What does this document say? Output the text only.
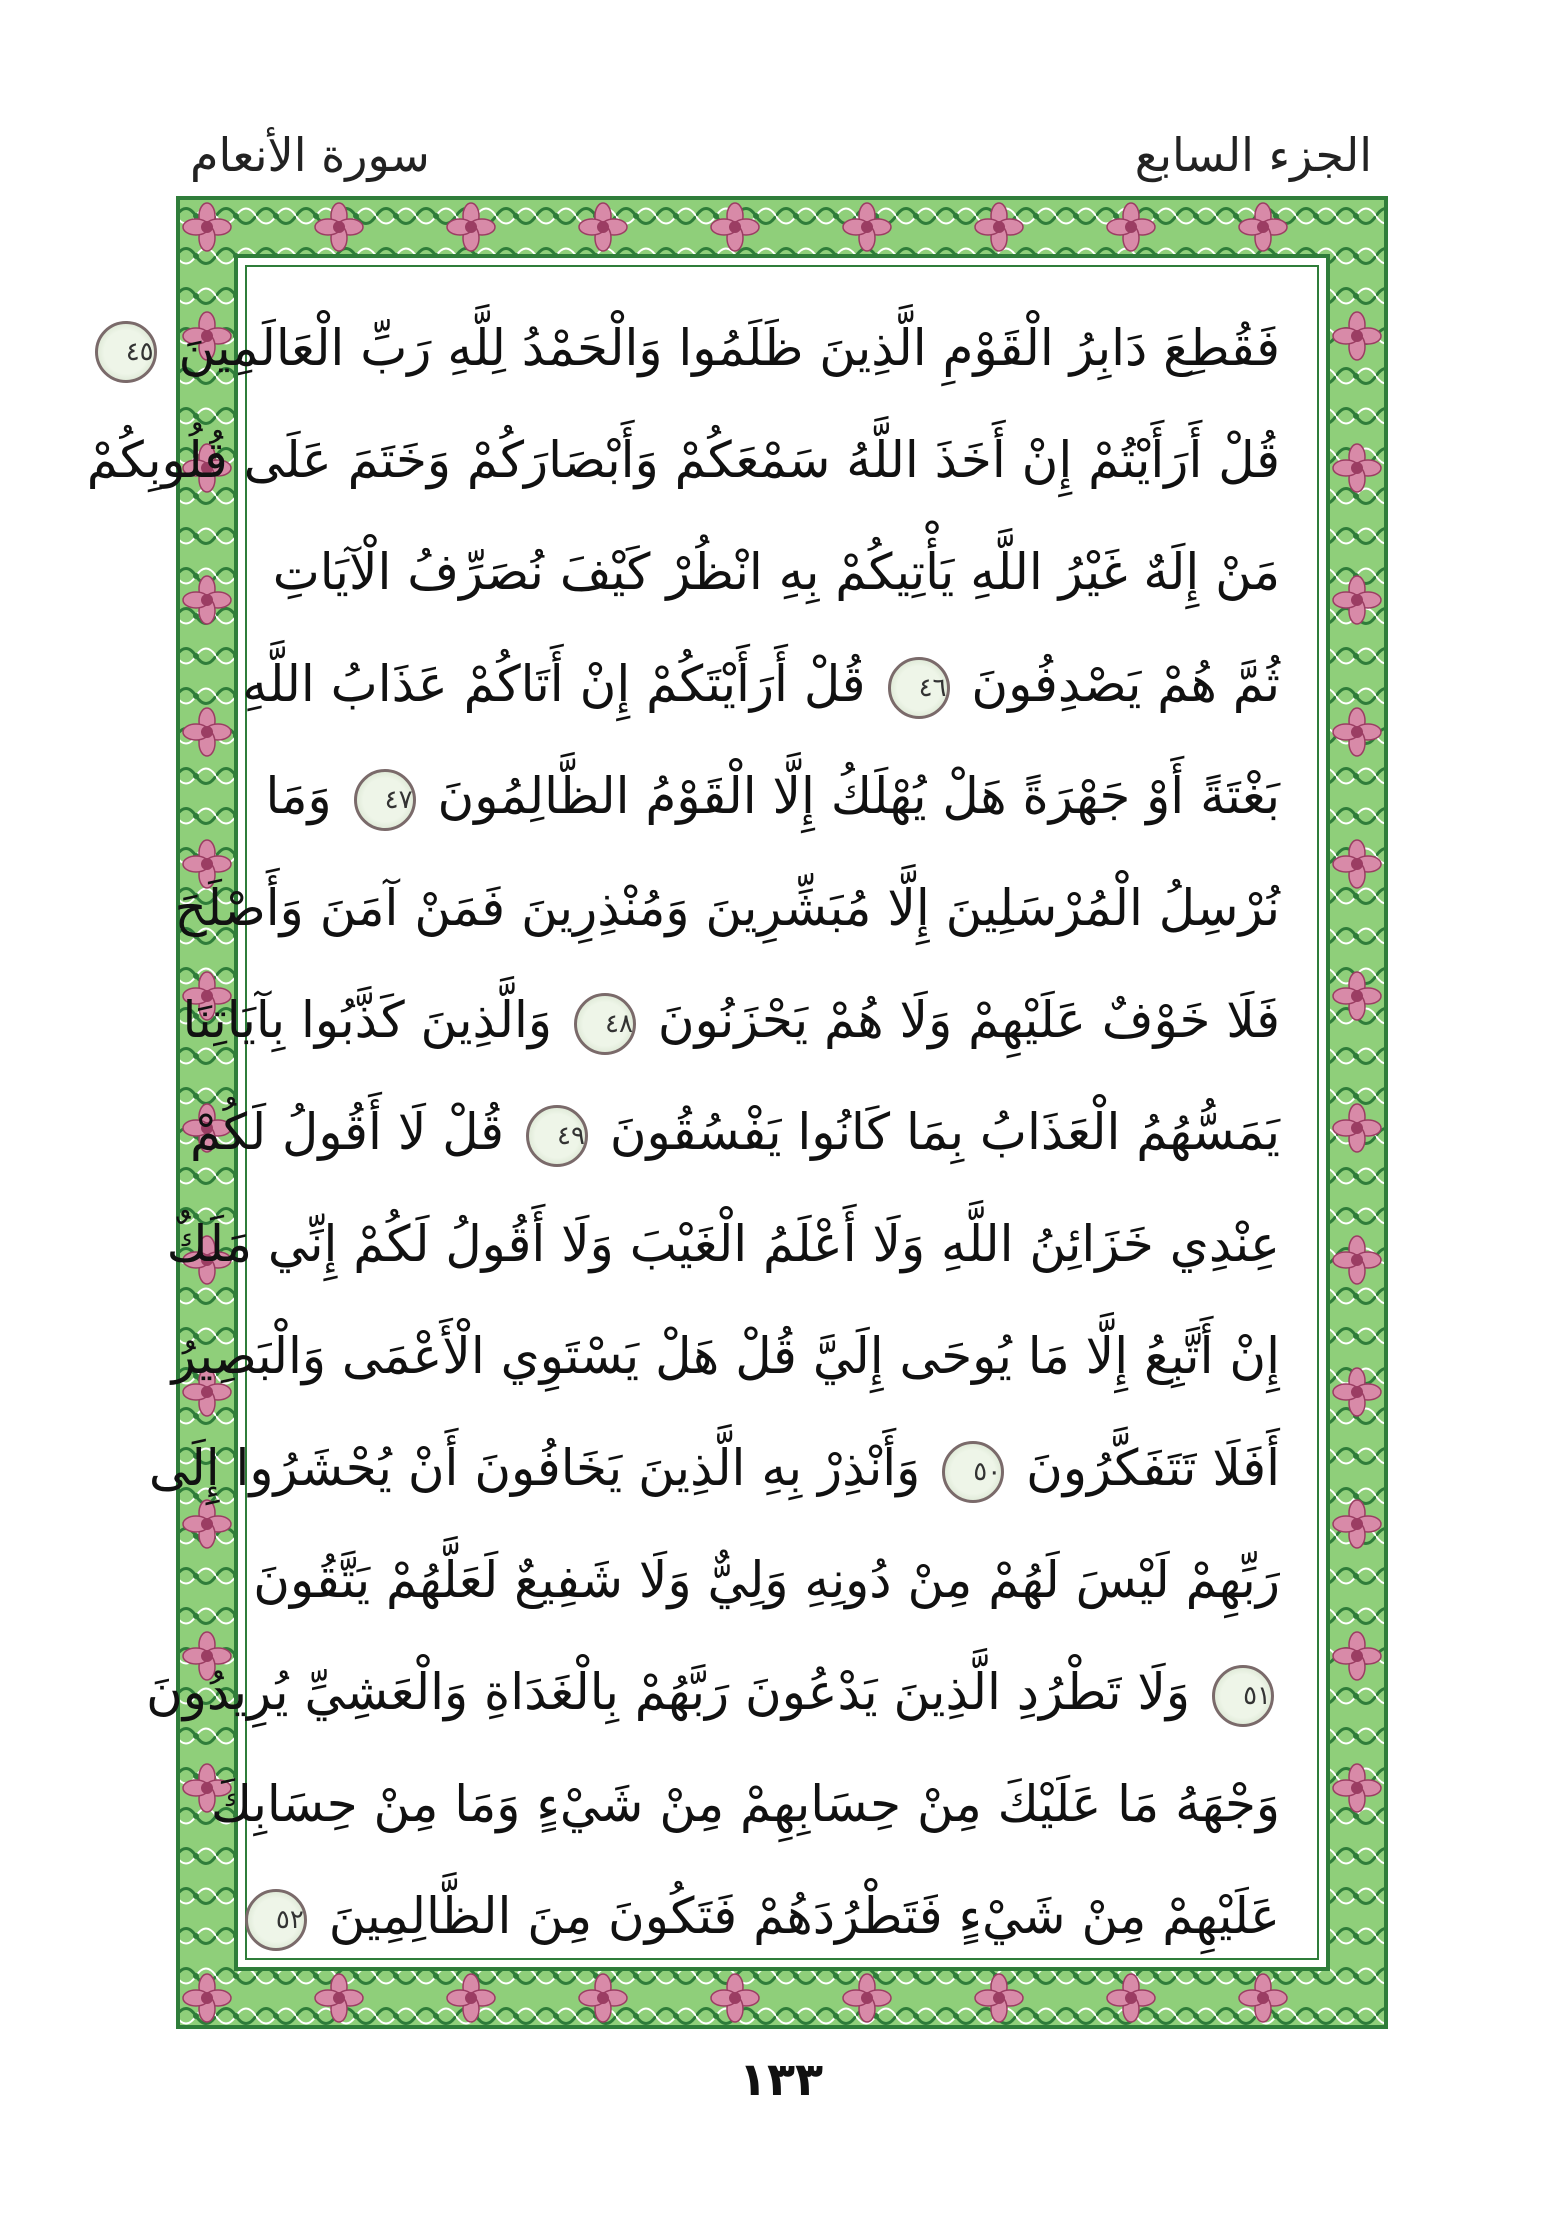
الجزء السابع
سورة الأنعام
فَقُطِعَ دَابِرُ الْقَوْمِ الَّذِينَ ظَلَمُوا وَالْحَمْدُ لِلَّهِ رَبِّ الْعَالَمِينَ ٤٥
قُلْ أَرَأَيْتُمْ إِنْ أَخَذَ اللَّهُ سَمْعَكُمْ وَأَبْصَارَكُمْ وَخَتَمَ عَلَى قُلُوبِكُمْ
مَنْ إِلَهٌ غَيْرُ اللَّهِ يَأْتِيكُمْ بِهِ انْظُرْ كَيْفَ نُصَرِّفُ الْآيَاتِ
ثُمَّ هُمْ يَصْدِفُونَ ٤٦ قُلْ أَرَأَيْتَكُمْ إِنْ أَتَاكُمْ عَذَابُ اللَّهِ
بَغْتَةً أَوْ جَهْرَةً هَلْ يُهْلَكُ إِلَّا الْقَوْمُ الظَّالِمُونَ ٤٧ وَمَا
نُرْسِلُ الْمُرْسَلِينَ إِلَّا مُبَشِّرِينَ وَمُنْذِرِينَ فَمَنْ آمَنَ وَأَصْلَحَ
فَلَا خَوْفٌ عَلَيْهِمْ وَلَا هُمْ يَحْزَنُونَ ٤٨ وَالَّذِينَ كَذَّبُوا بِآيَاتِنَا
يَمَسُّهُمُ الْعَذَابُ بِمَا كَانُوا يَفْسُقُونَ ٤٩ قُلْ لَا أَقُولُ لَكُمْ
عِنْدِي خَزَائِنُ اللَّهِ وَلَا أَعْلَمُ الْغَيْبَ وَلَا أَقُولُ لَكُمْ إِنِّي مَلَكٌ
إِنْ أَتَّبِعُ إِلَّا مَا يُوحَى إِلَيَّ قُلْ هَلْ يَسْتَوِي الْأَعْمَى وَالْبَصِيرُ
أَفَلَا تَتَفَكَّرُونَ ٥٠ وَأَنْذِرْ بِهِ الَّذِينَ يَخَافُونَ أَنْ يُحْشَرُوا إِلَى
رَبِّهِمْ لَيْسَ لَهُمْ مِنْ دُونِهِ وَلِيٌّ وَلَا شَفِيعٌ لَعَلَّهُمْ يَتَّقُونَ
٥١ وَلَا تَطْرُدِ الَّذِينَ يَدْعُونَ رَبَّهُمْ بِالْغَدَاةِ وَالْعَشِيِّ يُرِيدُونَ
وَجْهَهُ مَا عَلَيْكَ مِنْ حِسَابِهِمْ مِنْ شَيْءٍ وَمَا مِنْ حِسَابِكَ
عَلَيْهِمْ مِنْ شَيْءٍ فَتَطْرُدَهُمْ فَتَكُونَ مِنَ الظَّالِمِينَ ٥٢
١٣٣
